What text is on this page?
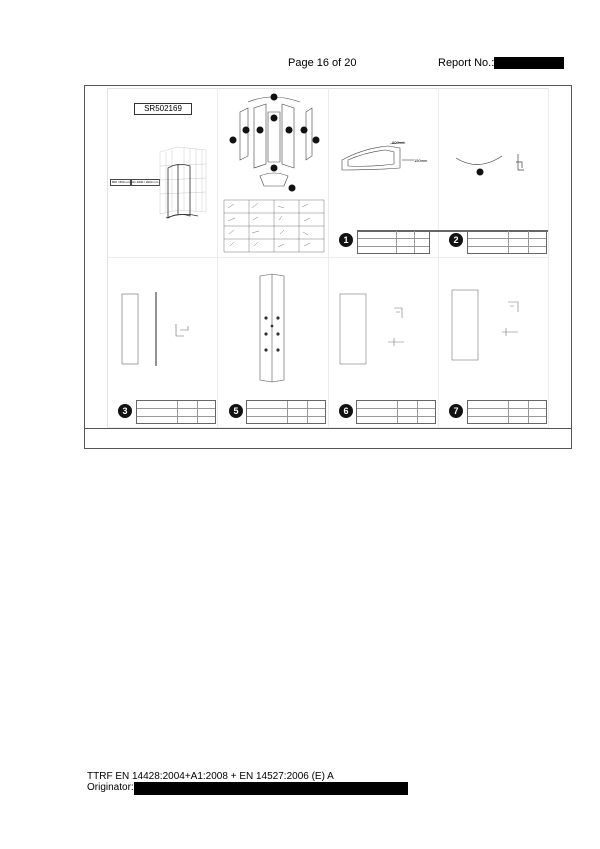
Page 16 of 20	Report No.:
SR502169
800 / 800 mm H1 2000 / 2000 mm
800mm
150mm
1	2
3	5	6	7
TTRF EN 14428:2004+A1:2008 + EN 14527:2006 (E) A
Originator:
